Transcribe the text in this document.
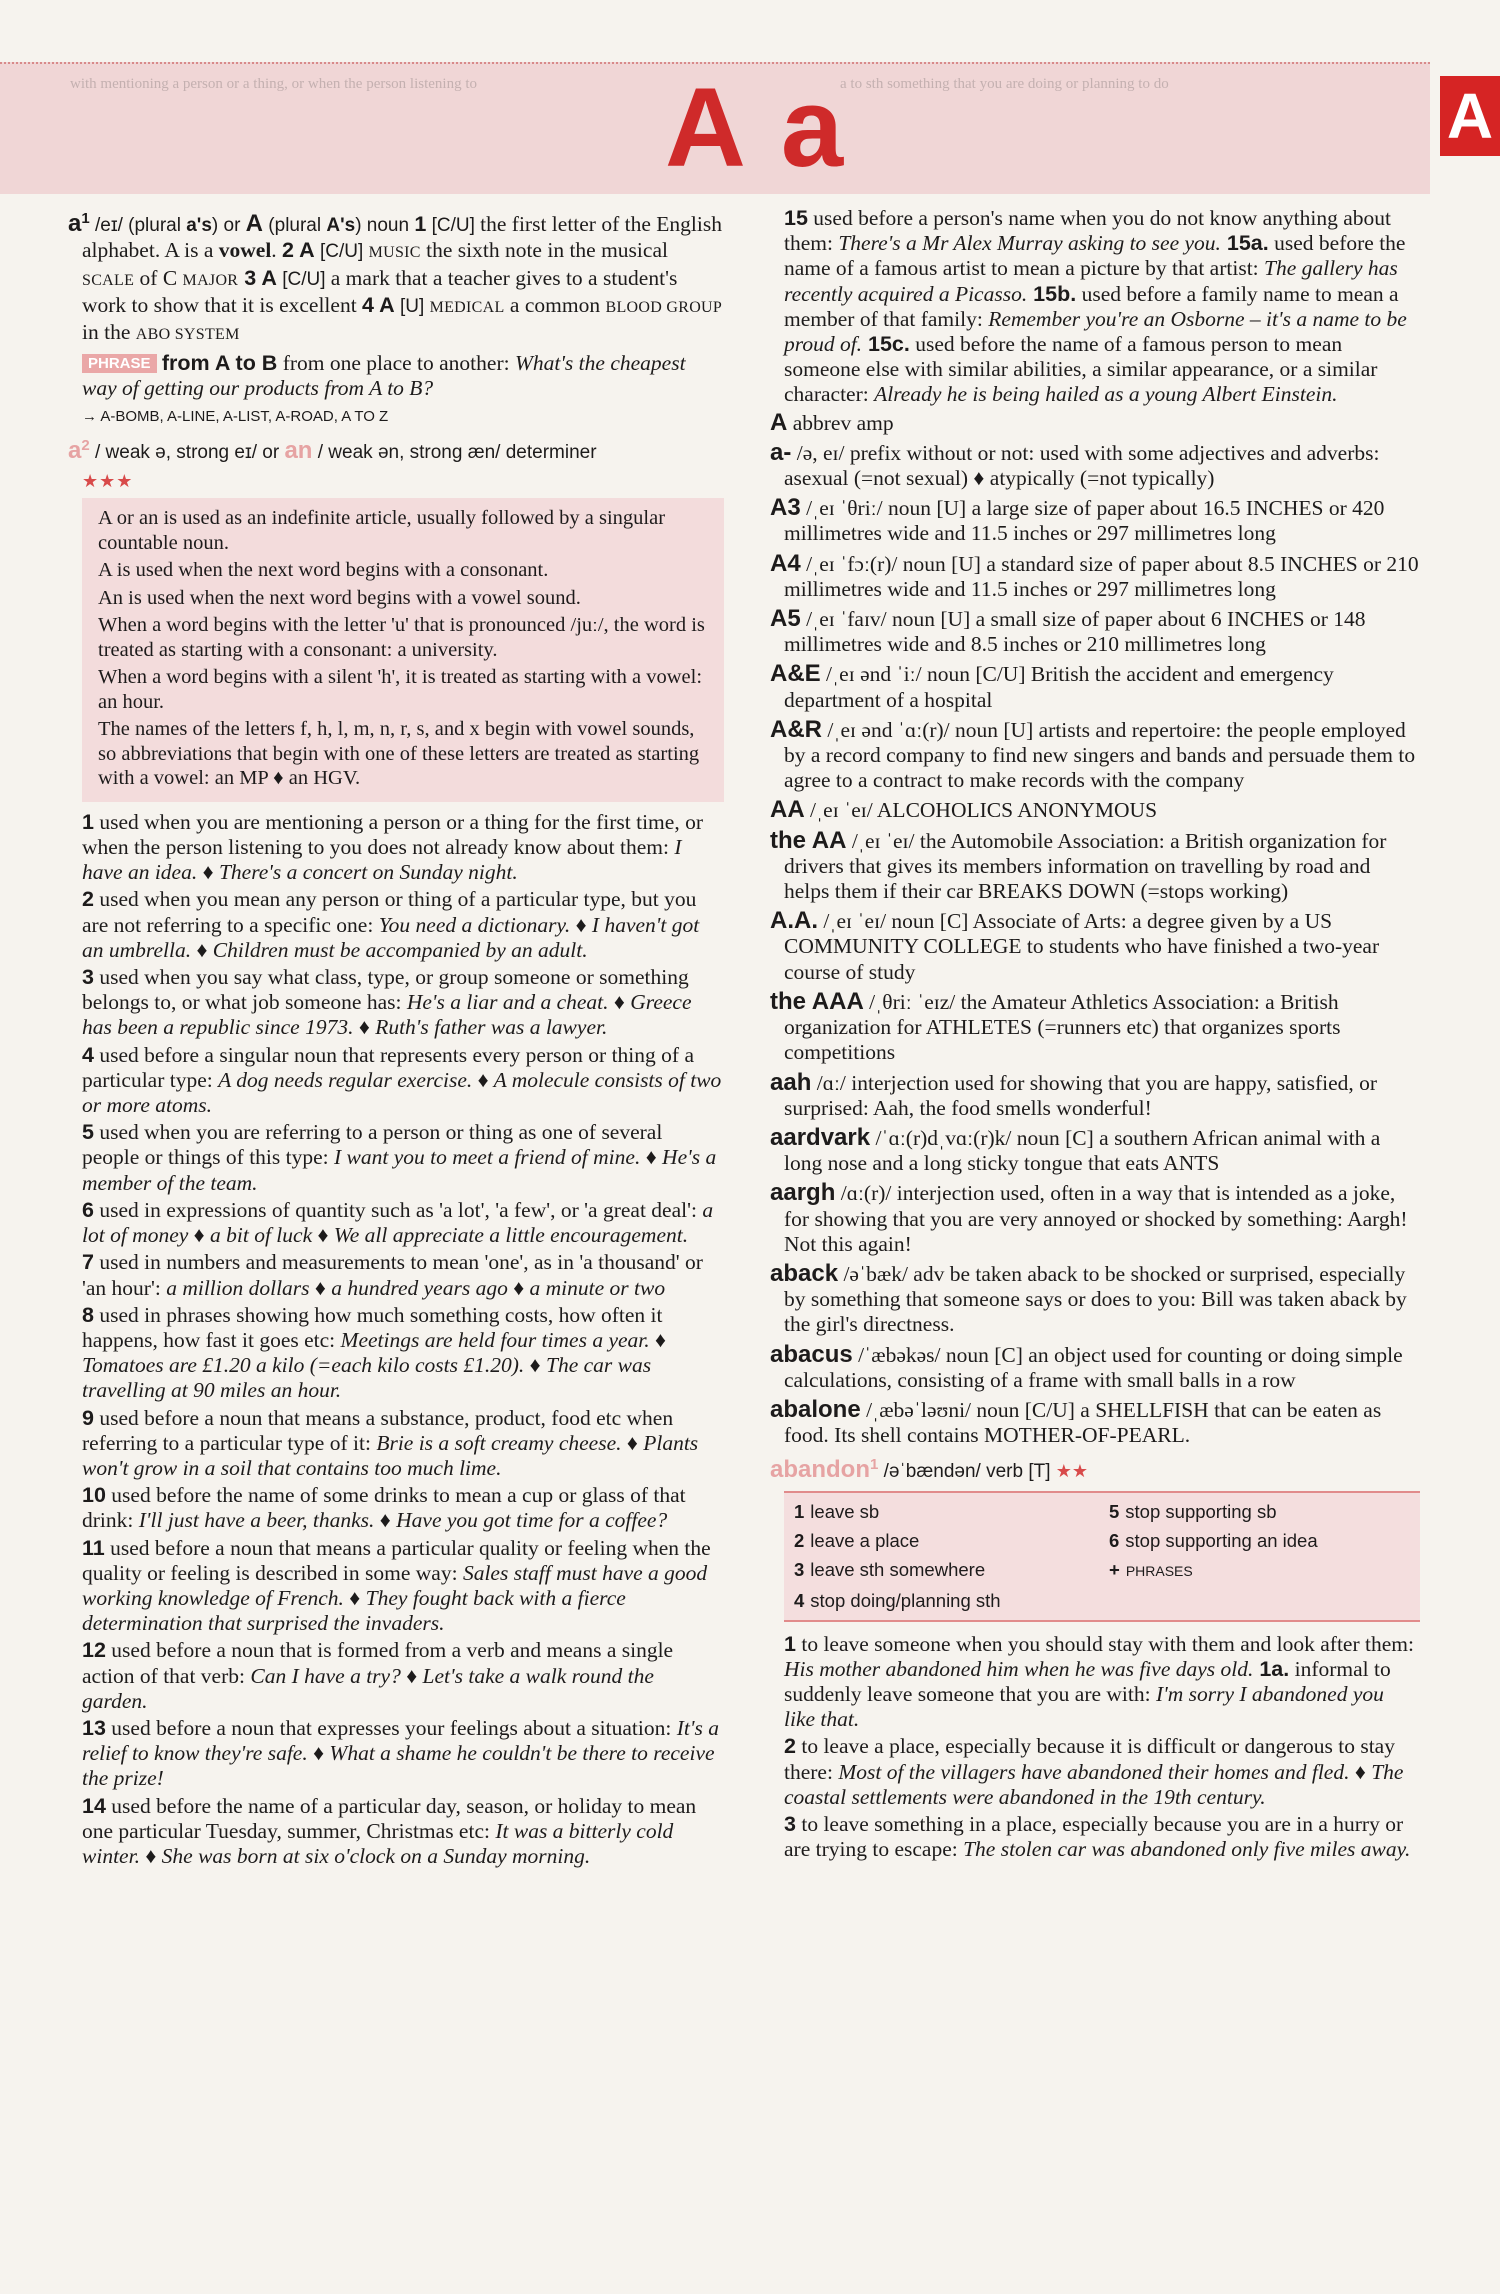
with mentioning a person or a thing, or when the person listening to	a to sth something that you are doing or planning to do
A a	A
$a^1$ /eɪ/ (plural a's) or A (plural A's) noun 1 [C/U] the first letter of the English alphabet. A is a vowel. 2 A [C/U] MUSIC the sixth note in the musical SCALE of C MAJOR 3 A [C/U] a mark that a teacher gives to a student's work to show that it is excellent 4 A [U] MEDICAL a common BLOOD GROUP in the ABO SYSTEM
PHRASE from A to B from one place to another: What's the cheapest way of getting our products from A to B?
→ A-BOMB, A-LINE, A-LIST, A-ROAD, A TO Z
$a^2$ / weak ə, strong eɪ/ or an / weak ən, strong æn/ determiner
★★★

A or an is used as an indefinite article, usually followed by a singular countable noun.

A is used when the next word begins with a consonant.

An is used when the next word begins with a vowel sound.

When a word begins with the letter 'u' that is pronounced /juː/, the word is treated as starting with a consonant: a university.

When a word begins with a silent 'h', it is treated as starting with a vowel: an hour.

The names of the letters f, h, l, m, n, r, s, and x begin with vowel sounds, so abbreviations that begin with one of these letters are treated as starting with a vowel: an MP ♦ an HGV.

1 used when you are mentioning a person or a thing for the first time, or when the person listening to you does not already know about them: I have an idea. ♦ There's a concert on Sunday night.
2 used when you mean any person or thing of a particular type, but you are not referring to a specific one: You need a dictionary. ♦ I haven't got an umbrella. ♦ Children must be accompanied by an adult.
3 used when you say what class, type, or group someone or something belongs to, or what job someone has: He's a liar and a cheat. ♦ Greece has been a republic since 1973. ♦ Ruth's father was a lawyer.
4 used before a singular noun that represents every person or thing of a particular type: A dog needs regular exercise. ♦ A molecule consists of two or more atoms.
5 used when you are referring to a person or thing as one of several people or things of this type: I want you to meet a friend of mine. ♦ He's a member of the team.
6 used in expressions of quantity such as 'a lot', 'a few', or 'a great deal': a lot of money ♦ a bit of luck ♦ We all appreciate a little encouragement.
7 used in numbers and measurements to mean 'one', as in 'a thousand' or 'an hour': a million dollars ♦ a hundred years ago ♦ a minute or two
8 used in phrases showing how much something costs, how often it happens, how fast it goes etc: Meetings are held four times a year. ♦ Tomatoes are £1.20 a kilo (=each kilo costs £1.20). ♦ The car was travelling at 90 miles an hour.
9 used before a noun that means a substance, product, food etc when referring to a particular type of it: Brie is a soft creamy cheese. ♦ Plants won't grow in a soil that contains too much lime.
10 used before the name of some drinks to mean a cup or glass of that drink: I'll just have a beer, thanks. ♦ Have you got time for a coffee?
11 used before a noun that means a particular quality or feeling when the quality or feeling is described in some way: Sales staff must have a good working knowledge of French. ♦ They fought back with a fierce determination that surprised the invaders.
12 used before a noun that is formed from a verb and means a single action of that verb: Can I have a try? ♦ Let's take a walk round the garden.
13 used before a noun that expresses your feelings about a situation: It's a relief to know they're safe. ♦ What a shame he couldn't be there to receive the prize!
14 used before the name of a particular day, season, or holiday to mean one particular Tuesday, summer, Christmas etc: It was a bitterly cold winter. ♦ She was born at six o'clock on a Sunday morning.
15 used before a person's name when you do not know anything about them: There's a Mr Alex Murray asking to see you. 15a. used before the name of a famous artist to mean a picture by that artist: The gallery has recently acquired a Picasso. 15b. used before a family name to mean a member of that family: Remember you're an Osborne – it's a name to be proud of. 15c. used before the name of a famous person to mean someone else with similar abilities, a similar appearance, or a similar character: Already he is being hailed as a young Albert Einstein.
A abbrev amp
a- /ə, eɪ/ prefix without or not: used with some adjectives and adverbs: asexual (=not sexual) ♦ atypically (=not typically)
A3 /ˌeɪ ˈθriː/ noun [U] a large size of paper about 16.5 INCHES or 420 millimetres wide and 11.5 inches or 297 millimetres long
A4 /ˌeɪ ˈfɔː(r)/ noun [U] a standard size of paper about 8.5 INCHES or 210 millimetres wide and 11.5 inches or 297 millimetres long
A5 /ˌeɪ ˈfaɪv/ noun [U] a small size of paper about 6 INCHES or 148 millimetres wide and 8.5 inches or 210 millimetres long
A&E /ˌeɪ ənd ˈiː/ noun [C/U] British the accident and emergency department of a hospital
A&R /ˌeɪ ənd ˈɑː(r)/ noun [U] artists and repertoire: the people employed by a record company to find new singers and bands and persuade them to agree to a contract to make records with the company
AA /ˌeɪ ˈeɪ/ ALCOHOLICS ANONYMOUS
the AA /ˌeɪ ˈeɪ/ the Automobile Association: a British organization for drivers that gives its members information on travelling by road and helps them if their car BREAKS DOWN (=stops working)
A.A. /ˌeɪ ˈeɪ/ noun [C] Associate of Arts: a degree given by a US COMMUNITY COLLEGE to students who have finished a two-year course of study
the AAA /ˌθriː ˈeɪz/ the Amateur Athletics Association: a British organization for ATHLETES (=runners etc) that organizes sports competitions
aah /ɑː/ interjection used for showing that you are happy, satisfied, or surprised: Aah, the food smells wonderful!
aardvark /ˈɑː(r)dˌvɑː(r)k/ noun [C] a southern African animal with a long nose and a long sticky tongue that eats ANTS
aargh /ɑː(r)/ interjection used, often in a way that is intended as a joke, for showing that you are very annoyed or shocked by something: Aargh! Not this again!
aback /əˈbæk/ adv be taken aback to be shocked or surprised, especially by something that someone says or does to you: Bill was taken aback by the girl's directness.
abacus /ˈæbəkəs/ noun [C] an object used for counting or doing simple calculations, consisting of a frame with small balls in a row
abalone /ˌæbəˈləʊni/ noun [C/U] a SHELLFISH that can be eaten as food. Its shell contains MOTHER-OF-PEARL.
abandon$^1$ /əˈbændən/ verb [T] ★★
1 leave sb	5 stop supporting sb
2 leave a place	6 stop supporting an idea
3 leave sth somewhere	+ PHRASES
4 stop doing/planning sth
1 to leave someone when you should stay with them and look after them: His mother abandoned him when he was five days old. 1a. informal to suddenly leave someone that you are with: I'm sorry I abandoned you like that.
2 to leave a place, especially because it is difficult or dangerous to stay there: Most of the villagers have abandoned their homes and fled. ♦ The coastal settlements were abandoned in the 19th century.
3 to leave something in a place, especially because you are in a hurry or are trying to escape: The stolen car was abandoned only five miles away.
